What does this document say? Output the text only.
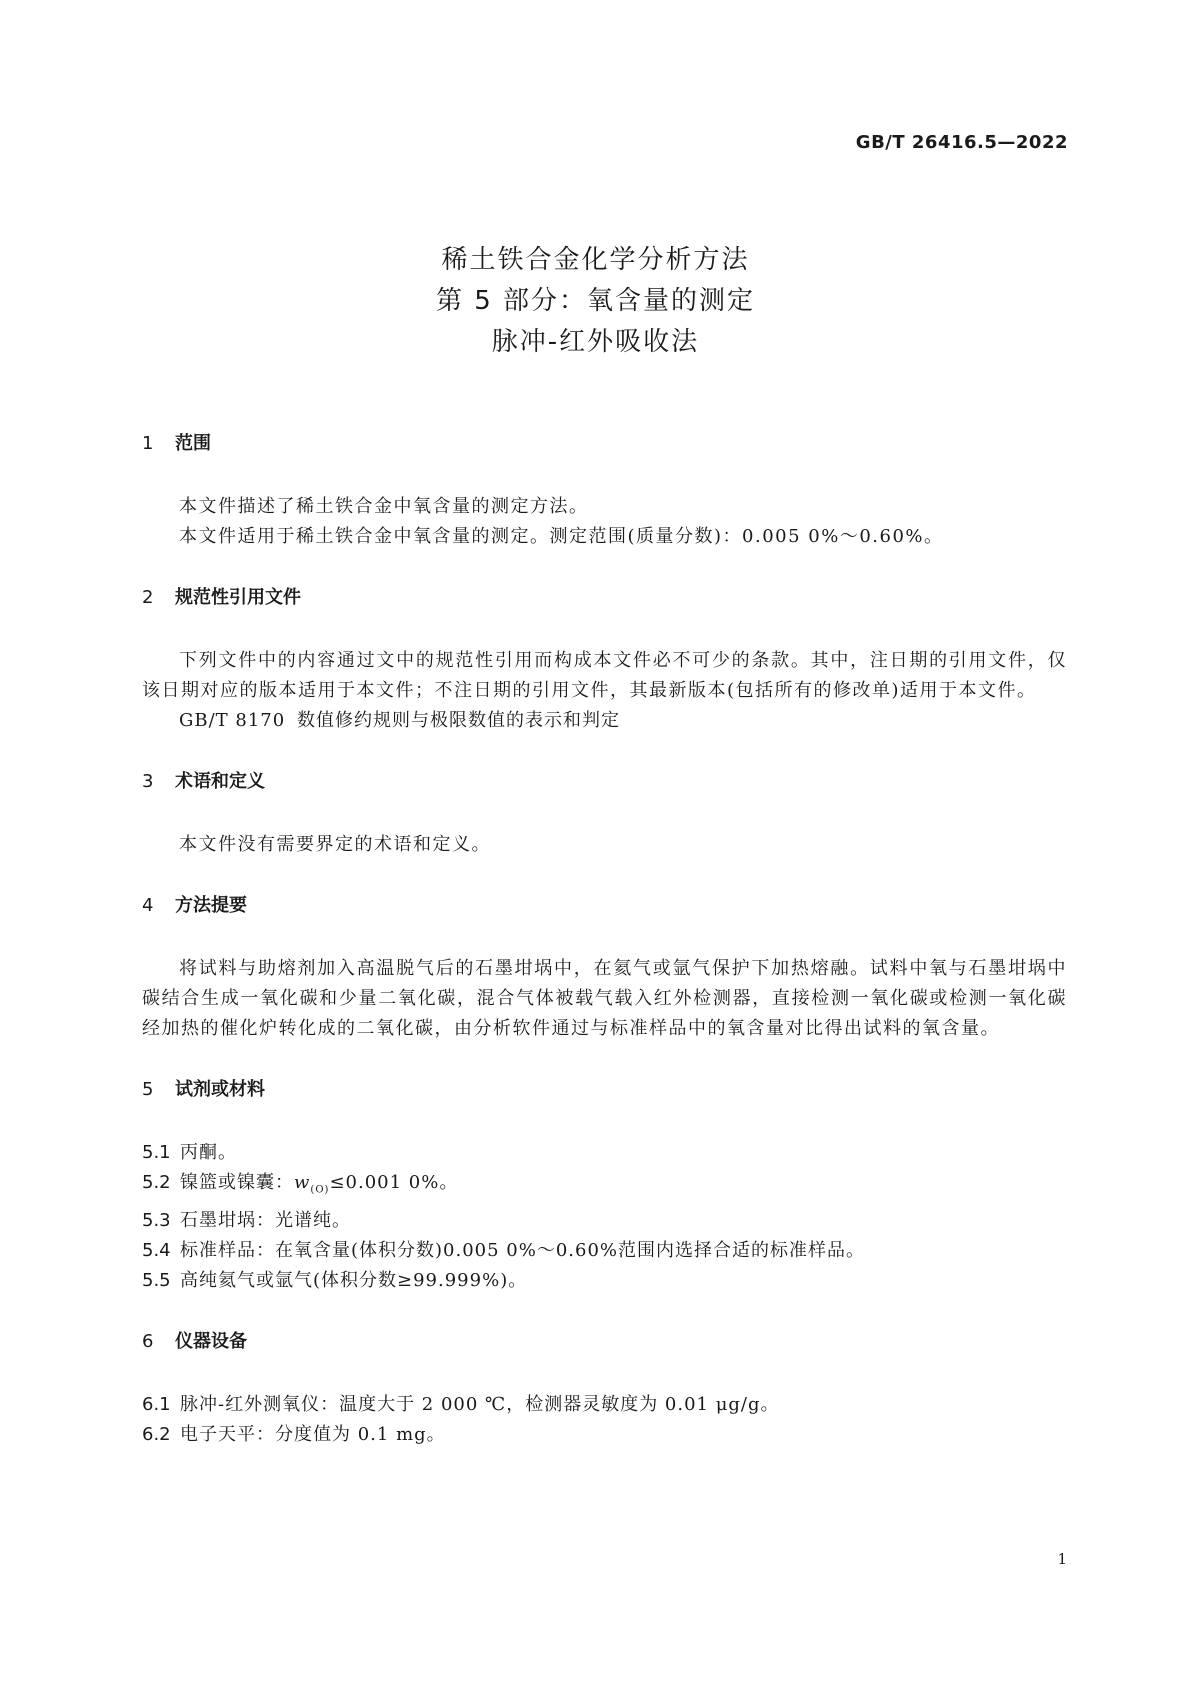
GB/T 26416.5—2022
稀土铁合金化学分析方法
第 5 部分：氧含量的测定
脉冲-红外吸收法
1 范围
本文件描述了稀土铁合金中氧含量的测定方法。
本文件适用于稀土铁合金中氧含量的测定。测定范围(质量分数)：0.005 0%～0.60%。
2 规范性引用文件
下列文件中的内容通过文中的规范性引用而构成本文件必不可少的条款。其中，注日期的引用文件，仅该日期对应的版本适用于本文件；不注日期的引用文件，其最新版本(包括所有的修改单)适用于本文件。
GB/T 8170 数值修约规则与极限数值的表示和判定
3 术语和定义
本文件没有需要界定的术语和定义。
4 方法提要
将试料与助熔剂加入高温脱气后的石墨坩埚中，在氦气或氩气保护下加热熔融。试料中氧与石墨坩埚中碳结合生成一氧化碳和少量二氧化碳，混合气体被载气载入红外检测器，直接检测一氧化碳或检测一氧化碳经加热的催化炉转化成的二氧化碳，由分析软件通过与标准样品中的氧含量对比得出试料的氧含量。
5 试剂或材料
5.1 丙酮。
5.2 镍篮或镍囊：$w_{(O)}\le 0.001$ 0%。
5.3 石墨坩埚：光谱纯。
5.4 标准样品：在氧含量(体积分数)0.005 0%～0.60%范围内选择合适的标准样品。
5.5 高纯氦气或氩气(体积分数≥99.999%)。
6 仪器设备
6.1 脉冲-红外测氧仪：温度大于 2 000 ℃，检测器灵敏度为 0.01 μg/g。
6.2 电子天平：分度值为 0.1 mg。
1
